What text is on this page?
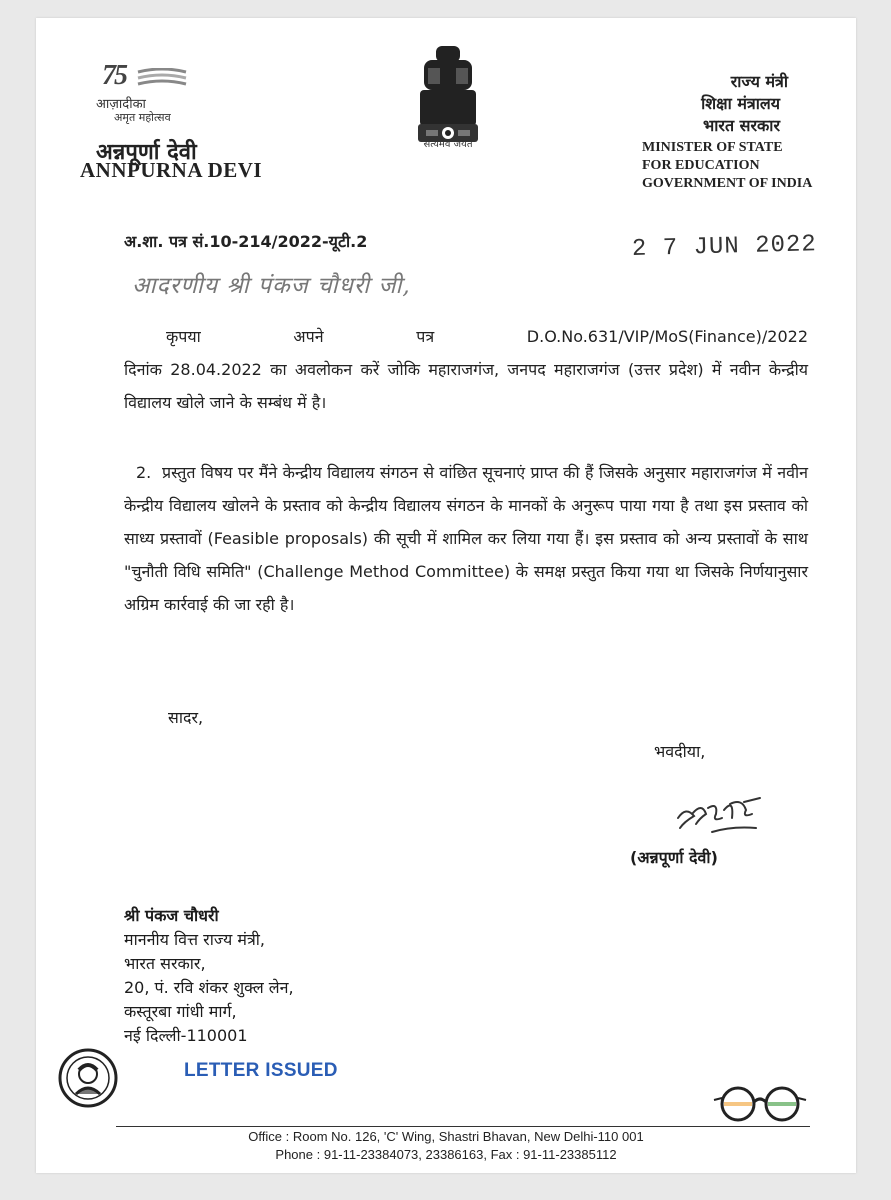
75
आज़ादीका
अमृत महोत्सव
अन्नपूर्णा देवी
ANNPURNA DEVI
सत्यमेव जयते
राज्य मंत्री
शिक्षा मंत्रालय
भारत सरकार
MINISTER OF STATE
FOR EDUCATION
GOVERNMENT OF INDIA
अ.शा. पत्र सं.10-214/2022-यूटी.2	2 7 JUN 2022
आदरणीय श्री पंकज चौधरी जी,
कृपया अपने पत्र D.O.No.631/VIP/MoS(Finance)/2022
दिनांक 28.04.2022 का अवलोकन करें जोकि महाराजगंज, जनपद महाराजगंज (उत्तर प्रदेश) में नवीन केन्द्रीय विद्यालय खोले जाने के सम्बंध में है।
2. प्रस्तुत विषय पर मैंने केन्द्रीय विद्यालय संगठन से वांछित सूचनाएं प्राप्त की हैं जिसके अनुसार महाराजगंज में नवीन केन्द्रीय विद्यालय खोलने के प्रस्ताव को केन्द्रीय विद्यालय संगठन के मानकों के अनुरूप पाया गया है तथा इस प्रस्ताव को साध्य प्रस्तावों (Feasible proposals) की सूची में शामिल कर लिया गया हैं। इस प्रस्ताव को अन्य प्रस्तावों के साथ "चुनौती विधि समिति" (Challenge Method Committee) के समक्ष प्रस्तुत किया गया था जिसके निर्णयानुसार अग्रिम कार्रवाई की जा रही है।
सादर,
भवदीया,
(अन्नपूर्णा देवी)
श्री पंकज चौधरी
माननीय वित्त राज्य मंत्री,
भारत सरकार,
20, पं. रवि शंकर शुक्ल लेन,
कस्तूरबा गांधी मार्ग,
नई दिल्ली-110001
LETTER ISSUED
Office : Room No. 126, 'C' Wing, Shastri Bhavan, New Delhi-110 001
Phone : 91-11-23384073, 23386163, Fax : 91-11-23385112
